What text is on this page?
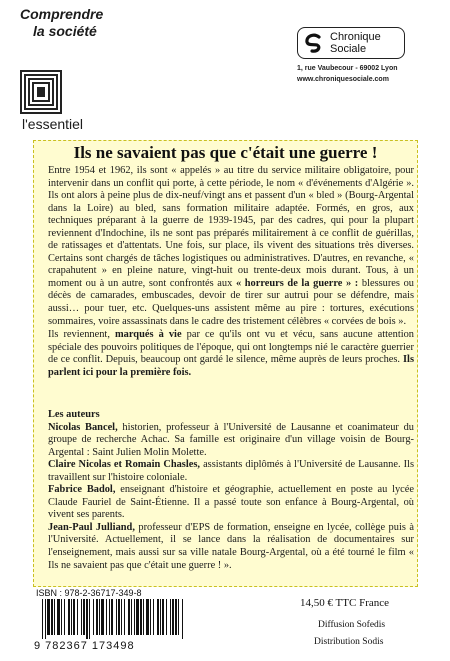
Comprendre
la société
l'essentiel
Chronique
Sociale
1, rue Vaubecour - 69002 Lyon
www.chroniquesociale.com
Ils ne savaient pas que c'était une guerre !

Entre 1954 et 1962, ils sont « appelés » au titre du service militaire obligatoire, pour intervenir dans un conflit qui porte, à cette période, le nom « d'événements d'Algérie ». Ils ont alors à peine plus de dix-neuf/vingt ans et passent d'un « bled » (Bourg-Argental dans la Loire) au bled, sans formation militaire adaptée. Formés, en gros, aux techniques préparant à la guerre de 1939-1945, par des cadres, qui pour la plupart reviennent d'Indochine, ils ne sont pas préparés militairement à ce conflit de guérillas, de ratissages et d'attentats. Une fois, sur place, ils vivent des situations très diverses. Certains sont chargés de tâches logistiques ou administratives. D'autres, en revanche, « crapahutent » en pleine nature, vingt-huit ou trente-deux mois durant. Tous, à un moment ou à un autre, sont confrontés aux « horreurs de la guerre » : blessures ou décès de camarades, embuscades, devoir de tirer sur autrui pour se défendre, mais aussi… pour tuer, etc. Quelques-uns assistent même au pire : tortures, exécutions sommaires, voire assassinats dans le cadre des tristement célèbres « corvées de bois ».

Ils reviennent, marqués à vie par ce qu'ils ont vu et vécu, sans aucune attention spéciale des pouvoirs politiques de l'époque, qui ont longtemps nié le caractère guerrier de ce conflit. Depuis, beaucoup ont gardé le silence, même auprès de leurs proches. Ils parlent ici pour la première fois.

Les auteurs

Nicolas Bancel, historien, professeur à l'Université de Lausanne et coanimateur du groupe de recherche Achac. Sa famille est originaire d'un village voisin de Bourg-Argental : Saint Julien Molin Molette.

Claire Nicolas et Romain Chasles, assistants diplômés à l'Université de Lausanne. Ils travaillent sur l'histoire coloniale.

Fabrice Badol, enseignant d'histoire et géographie, actuellement en poste au lycée Claude Fauriel de Saint-Étienne. Il a passé toute son enfance à Bourg-Argental, où vivent ses parents.

Jean-Paul Julliand, professeur d'EPS de formation, enseigne en lycée, collège puis à l'Université. Actuellement, il se lance dans la réalisation de documentaires sur l'enseignement, mais aussi sur sa ville natale Bourg-Argental, où a été tourné le film « Ils ne savaient pas que c'était une guerre ! ».

ISBN : 978-2-36717-349-8
9 782367 173498
14,50 € TTC France
Diffusion Sofedis
Distribution Sodis
